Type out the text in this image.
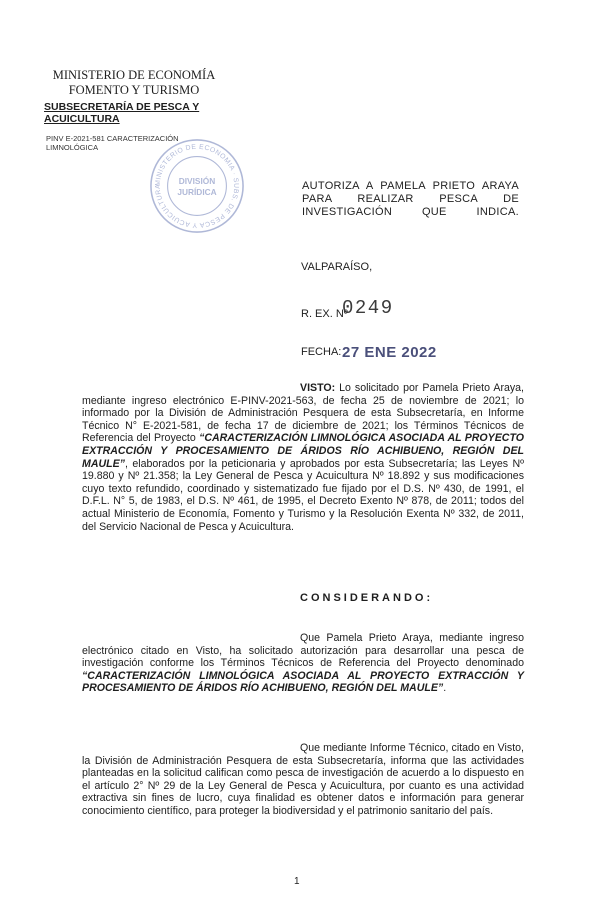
MINISTERIO DE ECONOMÍA
FOMENTO Y TURISMO
SUBSECRETARÍA DE PESCA Y ACUICULTURA
PINV E-2021-581 CARACTERIZACIÓN LIMNOLÓGICA
MINISTERIO DE ECONOMIA · SUBS. DE PESCA Y ACUICULTURA
DIVISIÓN
JURÍDICA	AUTORIZA A PAMELA PRIETO ARAYA PARA REALIZAR PESCA DE INVESTIGACIÓN QUE INDICA.
VALPARAÍSO,
R. EX. Nº
0249
FECHA: 27 ENE 2022
VISTO: Lo solicitado por Pamela Prieto Araya, mediante ingreso electrónico E-PINV-2021-563, de fecha 25 de noviembre de 2021; lo informado por la División de Administración Pesquera de esta Subsecretaría, en Informe Técnico N° E-2021-581, de fecha 17 de diciembre de 2021; los Términos Técnicos de Referencia del Proyecto “CARACTERIZACIÓN LIMNOLÓGICA ASOCIADA AL PROYECTO EXTRACCIÓN Y PROCESAMIENTO DE ÁRIDOS RÍO ACHIBUENO, REGIÓN DEL MAULE”, elaborados por la peticionaria y aprobados por esta Subsecretaría; las Leyes Nº 19.880 y Nº 21.358; la Ley General de Pesca y Acuicultura Nº 18.892 y sus modificaciones cuyo texto refundido, coordinado y sistematizado fue fijado por el D.S. Nº 430, de 1991, el D.F.L. N° 5, de 1983, el D.S. Nº 461, de 1995, el Decreto Exento Nº 878, de 2011; todos del actual Ministerio de Economía, Fomento y Turismo y la Resolución Exenta Nº 332, de 2011, del Servicio Nacional de Pesca y Acuicultura.
CONSIDERANDO:
Que Pamela Prieto Araya, mediante ingreso electrónico citado en Visto, ha solicitado autorización para desarrollar una pesca de investigación conforme los Términos Técnicos de Referencia del Proyecto denominado “CARACTERIZACIÓN LIMNOLÓGICA ASOCIADA AL PROYECTO EXTRACCIÓN Y PROCESAMIENTO DE ÁRIDOS RÍO ACHIBUENO, REGIÓN DEL MAULE”.
Que mediante Informe Técnico, citado en Visto, la División de Administración Pesquera de esta Subsecretaría, informa que las actividades planteadas en la solicitud califican como pesca de investigación de acuerdo a lo dispuesto en el artículo 2° Nº 29 de la Ley General de Pesca y Acuicultura, por cuanto es una actividad extractiva sin fines de lucro, cuya finalidad es obtener datos e información para generar conocimiento científico, para proteger la biodiversidad y el patrimonio sanitario del país.
1
